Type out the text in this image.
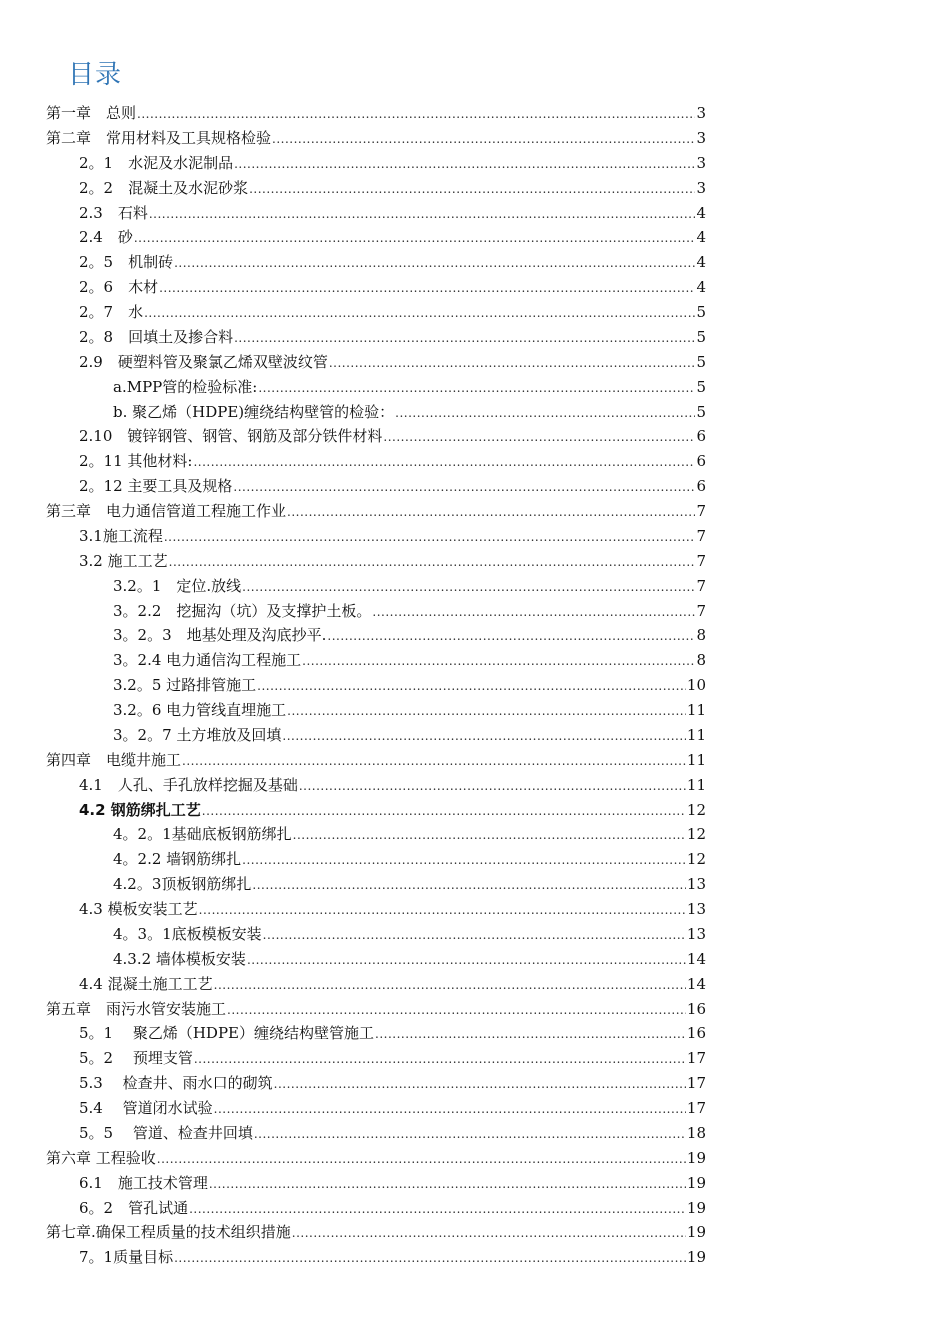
目录
第一章　总则 .....	3
第二章　常用材料及工具规格检验 .....	3
2。1　水泥及水泥制品 .....	3
2。2　混凝土及水泥砂浆 .....	3
2.3　石料 .....	4
2.4　砂 .....	4
2。5　机制砖 .....	4
2。6　木材 .....	4
2。7　水 .....	5
2。8　回填土及掺合料 .....	5
2.9　硬塑料管及聚氯乙烯双壁波纹管 .....	5
a.MPP管的检验标准: .....	5
b. 聚乙烯（HDPE)缠绕结构壁管的检验： .....	5
2.10　镀锌钢管、钢管、钢筋及部分铁件材料 .....	6
2。11 其他材料: .....	6
2。12 主要工具及规格 .....	6
第三章　电力通信管道工程施工作业 .....	7
3.1施工流程 .....	7
3.2 施工工艺 .....	7
3.2。1　定位.放线 .....	7
3。2.2　挖掘沟（坑）及支撑护土板。 .....	7
3。2。3　地基处理及沟底抄平. .....	8
3。2.4 电力通信沟工程施工 .....	8
3.2。5 过路排管施工 .....	10
3.2。6 电力管线直埋施工 .....	11
3。2。7 土方堆放及回填 .....	11
第四章　电缆井施工 .....	11
4.1　人孔、手孔放样挖掘及基础 .....	11
4.2 钢筋绑扎工艺 .....	12
4。2。1基础底板钢筋绑扎 .....	12
4。2.2 墙钢筋绑扎 .....	12
4.2。3顶板钢筋绑扎 .....	13
4.3 模板安装工艺 .....	13
4。3。1底板模板安装 .....	13
4.3.2 墙体模板安装 .....	14
4.4 混凝土施工工艺 .....	14
第五章　雨污水管安装施工 .....	16
5。1　 聚乙烯（HDPE）缠绕结构壁管施工 .....	16
5。2　 预埋支管 .....	17
5.3　 检查井、雨水口的砌筑 .....	17
5.4　 管道闭水试验 .....	17
5。5　 管道、检查井回填 .....	18
第六章 工程验收 .....	19
6.1　施工技术管理 .....	19
6。2　管孔试通 .....	19
第七章.确保工程质量的技术组织措施 .....	19
7。1质量目标 .....	19
